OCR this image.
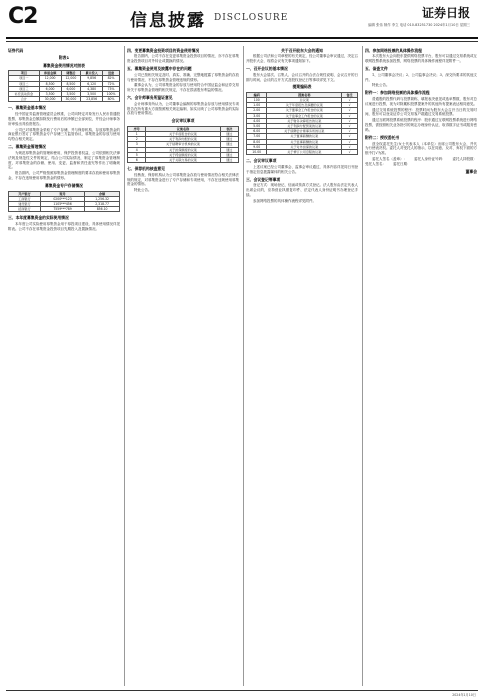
C2	信息披露 DISCLOSURE	证券日报
编辑 张伟 制作 李立 电话 010-83251730 2024年1月10日 星期三
证券代码
附表1
募集资金使用情况对照表
项目	承诺金额	调整后	累计投入	进度
项目一	12,000	12,000	9,856	82%
项目二	8,500	8,500	6,120	72%
项目三	6,000	6,000	4,380	73%
补充流动资金	3,500	3,500	3,500	100%
合计	30,000	30,000	23,856	80%
一、募集资金基本情况

经中国证券监督管理委员会核准，公司向特定对象发行人民币普通股股票，募集资金总额扣除发行费用后的净额已全部到位，并经会计师事务所审验出具验资报告。

公司已对募集资金采取了专户存储，并与保荐机构、存放募集资金的商业银行签订了募集资金专户存储三方监管协议，募集资金的存放与使用均符合相关规定。

二、募集资金管理情况

为规范募集资金的管理和使用，保护投资者权益，公司依照相关法律法规及规范性文件的规定，结合公司实际情况，制定了募集资金管理制度，对募集资金的存储、使用、变更、监督和责任追究等作出了明确规定。

报告期内，公司严格按照募集资金管理制度的要求存放和使用募集资金，不存在违规使用募集资金的情形。

募集资金专户存储情况
开户银行	账号	余额
工商银行	0200***123	1,256.32
建设银行	1105***456	2,318.77
招商银行	7559***789	856.10
三、本年度募集资金的实际使用情况

本年度公司实际使用募集资金用于募投项目建设，具体使用情况详见附表。公司不存在募集资金投资项目先期投入及置换情况。

四、变更募集资金投资项目的资金使用情况

报告期内，公司不存在变更募集资金投资项目的情况，亦不存在募集资金投资项目对外转让或置换的情况。

五、募集资金使用及披露中存在的问题

公司已按相关规定及时、真实、准确、完整地披露了募集资金的存放与使用情况，不存在募集资金管理违规的情形。

董事会认为，公司募集资金的存放与使用符合中国证监会和证券交易所关于募集资金管理的相关规定，不存在损害股东利益的情况。

六、会计师事务所鉴证意见

会计师事务所认为，公司董事会编制的募集资金存放与使用情况专项报告在所有重大方面按照相关规定编制，如实反映了公司募集资金的实际存放与使用情况。

会议审议事项
序号	议案名称	表决
1	关于年度报告的议案	通过
2	关于利润分配的议案	通过
3	关于续聘审计机构的议案	通过
4	关于担保额度的议案	通过
5	关于授信额度的议案	通过
6	关于关联交易的议案	通过
七、保荐机构核查意见

经核查，保荐机构认为公司募集资金存放与使用情况符合相关法律法规的规定，对募集资金进行了专户存储和专项使用，不存在违规使用募集资金的情形。

特此公告。

关于召开股东大会的通知

根据公司法和公司章程的有关规定，经公司董事会审议通过，决定召开股东大会，现将会议有关事项通知如下。

一、召开会议的基本情况

股东大会届次、召集人、会议召开的合法合规性说明、会议召开的日期与时间、会议的召开方式及股权登记日等事项详见下文。

提案编码表
编码	提案名称	备注
100	总议案	√
1.00	关于年度报告及摘要的议案	√
2.00	关于董事会工作报告的议案	√
3.00	关于监事会工作报告的议案	√
4.00	关于财务决算报告的议案	√
5.00	关于利润分配预案的议案	√
6.00	关于续聘会计师事务所的议案	√
7.00	关于董事薪酬的议案	√
8.00	关于监事薪酬的议案	√
9.00	关于对外担保的议案	√
10.00	关于修订公司章程的议案	√
二、会议审议事项

上述议案已经公司董事会、监事会审议通过，具体内容详见同日刊登于指定信息披露媒体的相关公告。

三、会议登记等事项

登记方式：现场登记、信函或传真方式登记。法人股东由法定代表人出席会议的，应持营业执照复印件、法定代表人身份证明书办理登记手续。

参加网络投票的具体操作流程详见附件。

四、参加网络投票的具体操作流程

本次股东大会向股东提供网络投票平台，股东可以通过交易系统或互联网投票系统参加投票，网络投票的具体操作流程详见附件一。

五、备查文件

1、公司董事会决议；2、公司监事会决议；3、深交所要求的其他文件。

特此公告。

附件一：参加网络投票的具体操作流程

普通股的投票代码与投票简称，填报表决意见或选举票数，股东对总议案进行投票，视为对除累积投票提案外的其他所有提案表达相同意见。

通过交易系统投票的程序：投票时间为股东大会召开当日的交易时间，股东可以登录证券公司交易客户端通过交易系统投票。

通过互联网投票系统投票的程序：股东通过互联网投票系统进行网络投票，需按照相关业务指引的规定办理身份认证，取得数字证书或服务密码。

附件二：授权委托书

兹全权委托先生/女士代表本人（本单位）出席公司股东大会，并代为行使表决权。委托人对受托人的指示，以在同意、反对、弃权下面的方框中打√为准。

委托人签名（盖章）：　　委托人身份证号码：　　委托人持股数：　　受托人签名：　　委托日期：

董事会
2024年1月10日
